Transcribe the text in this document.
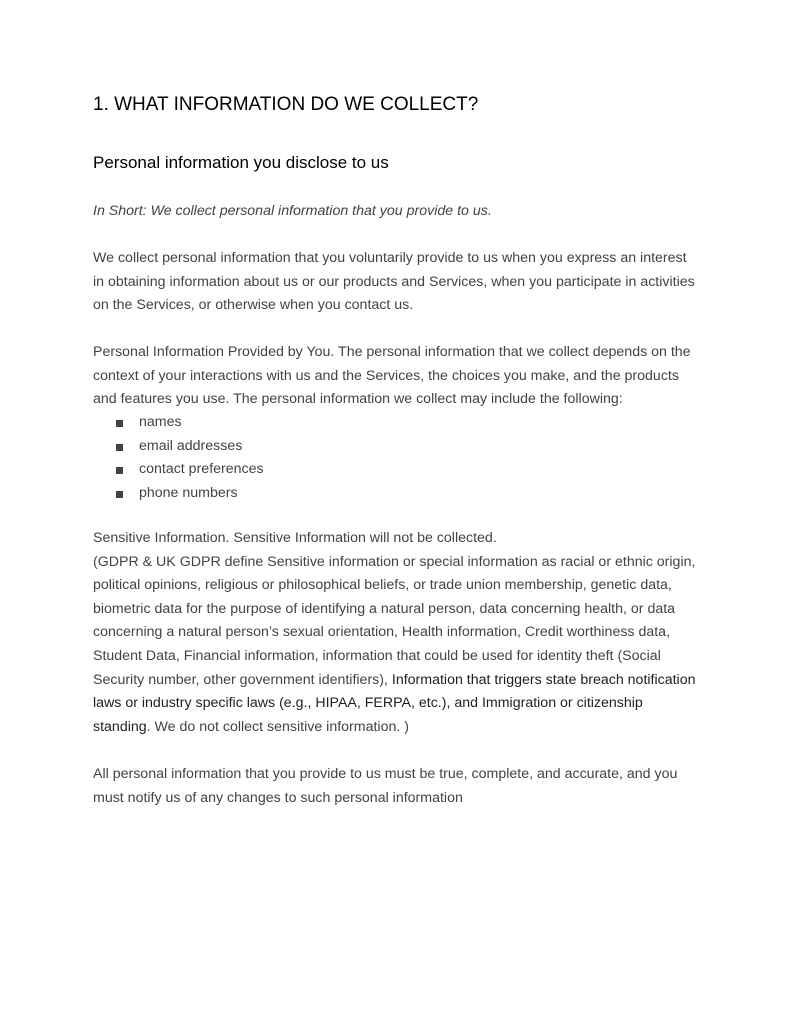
1. WHAT INFORMATION DO WE COLLECT?
Personal information you disclose to us

In Short: We collect personal information that you provide to us.

We collect personal information that you voluntarily provide to us when you express an interest in obtaining information about us or our products and Services, when you participate in activities on the Services, or otherwise when you contact us.

Personal Information Provided by You. The personal information that we collect depends on the context of your interactions with us and the Services, the choices you make, and the products and features you use. The personal information we collect may include the following:

names
email addresses
contact preferences
phone numbers

Sensitive Information. Sensitive Information will not be collected.
(GDPR & UK GDPR define Sensitive information or special information as racial or ethnic origin, political opinions, religious or philosophical beliefs, or trade union membership, genetic data, biometric data for the purpose of identifying a natural person, data concerning health, or data concerning a natural person’s sexual orientation, Health information, Credit worthiness data, Student Data, Financial information, information that could be used for identity theft (Social Security number, other government identifiers), Information that triggers state breach notification laws or industry specific laws (e.g., HIPAA, FERPA, etc.), and Immigration or citizenship standing. We do not collect sensitive information. )

All personal information that you provide to us must be true, complete, and accurate, and you must notify us of any changes to such personal information
